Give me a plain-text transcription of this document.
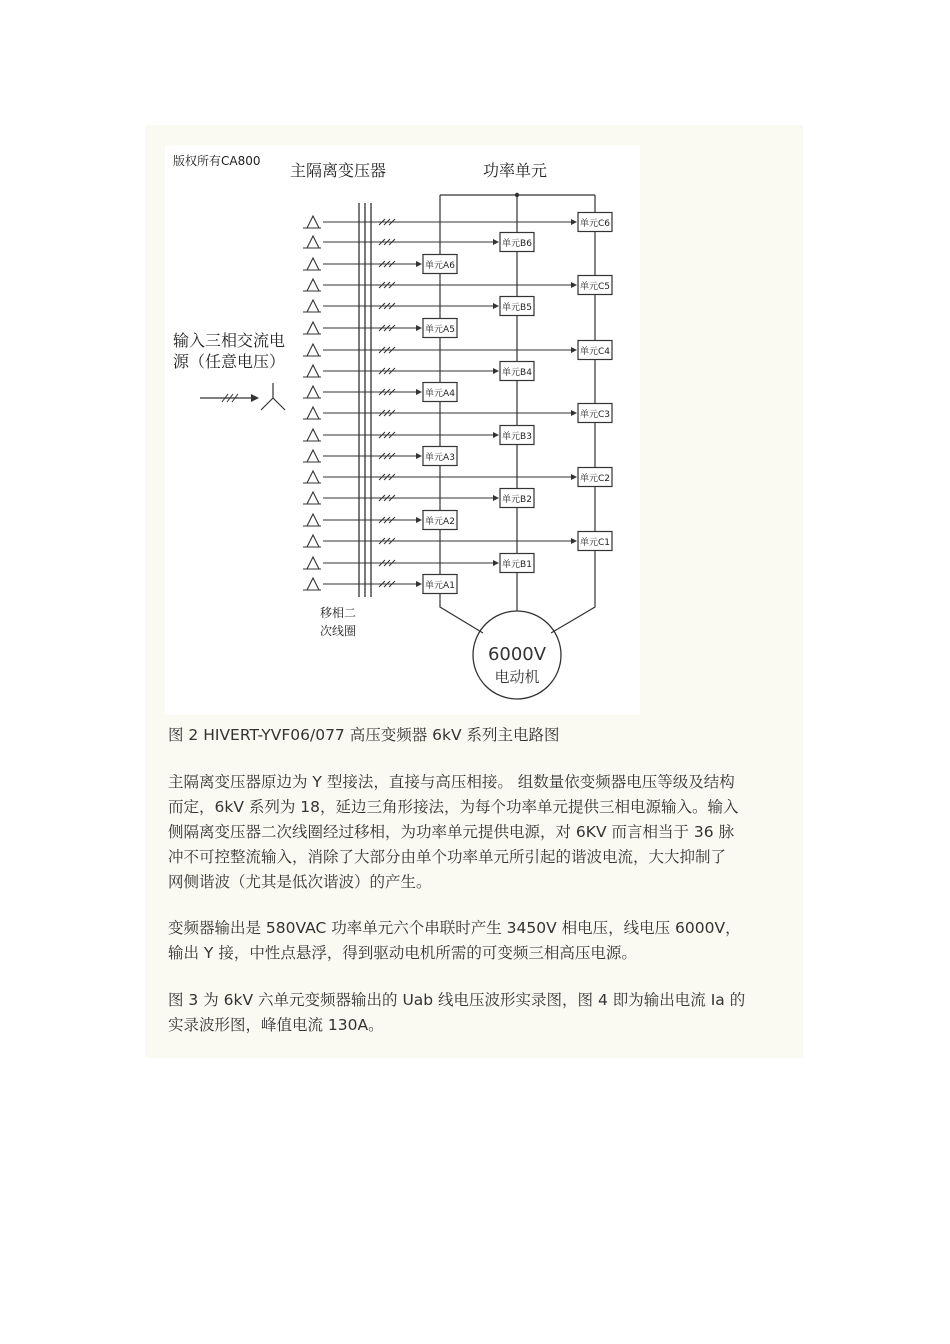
版权所有CA800 主隔离变压器	功率单元
输入三相交流电
源（任意电压）
移相二
次线圈
单元C6
单元B6
单元A6
单元C5
单元B5
单元A5
单元C4
单元B4
单元A4
单元C3
单元B3
单元A3
单元C2
单元B2
单元A2
单元C1
单元B1
单元A1
6000V
电动机
图 2 HIVERT-YVF06/077 高压变频器 6kV 系列主电路图
主隔离变压器原边为 Y 型接法，直接与高压相接。 组数量依变频器电压等级及结构
而定，6kV 系列为 18，延边三角形接法，为每个功率单元提供三相电源输入。输入
侧隔离变压器二次线圈经过移相，为功率单元提供电源，对 6KV 而言相当于 36 脉
冲不可控整流输入，消除了大部分由单个功率单元所引起的谐波电流，大大抑制了
网侧谐波（尤其是低次谐波）的产生。
变频器输出是 580VAC 功率单元六个串联时产生 3450V 相电压，线电压 6000V，
输出 Y 接，中性点悬浮，得到驱动电机所需的可变频三相高压电源。
图 3 为 6kV 六单元变频器输出的 Uab 线电压波形实录图，图 4 即为输出电流 Ia 的
实录波形图，峰值电流 130A。
